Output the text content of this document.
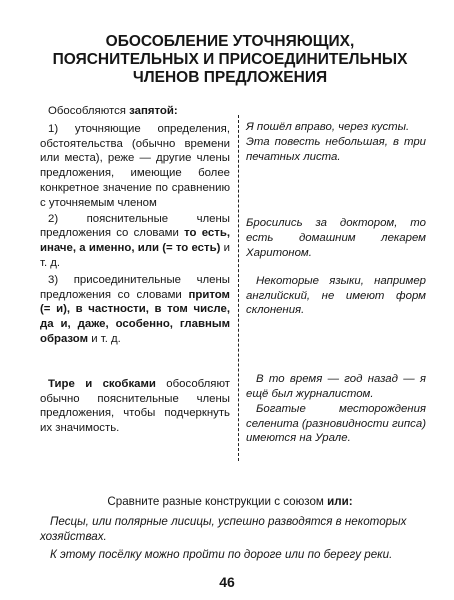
ОБОСОБЛЕНИЕ УТОЧНЯЮЩИХ,
ПОЯСНИТЕЛЬНЫХ И ПРИСОЕДИНИТЕЛЬНЫХ
ЧЛЕНОВ ПРЕДЛОЖЕНИЯ

Обособляются запятой:

1) уточняющие определения, обстоятельства (обычно времени или места), реже — другие члены предложения, имеющие более конкретное значение по сравнению с уточняемым членом

2) пояснительные члены предложения со словами то есть, иначе, а именно, или (= то есть) и т. д.

3) присоединительные члены предложения со словами притом (= и), в частности, в том числе, да и, даже, особенно, главным образом и т. д.

Тире и скобками обособляют обычно пояснительные члены предложения, чтобы подчеркнуть их значимость.

Я пошёл вправо, через кусты.

Эта повесть небольшая, в три печатных листа.

Бросились за доктором, то есть домашним лекарем Харитоном.

Некоторые языки, например английский, не имеют форм склонения.

В то время — год назад — я ещё был журналистом.

Богатые месторождения селенита (разновидности гипса) имеются на Урале.

Сравните разные конструкции с союзом или:

Песцы, или полярные лисицы, успешно разводятся в некоторых хозяйствах.

К этому посёлку можно пройти по дороге или по берегу реки.

46
